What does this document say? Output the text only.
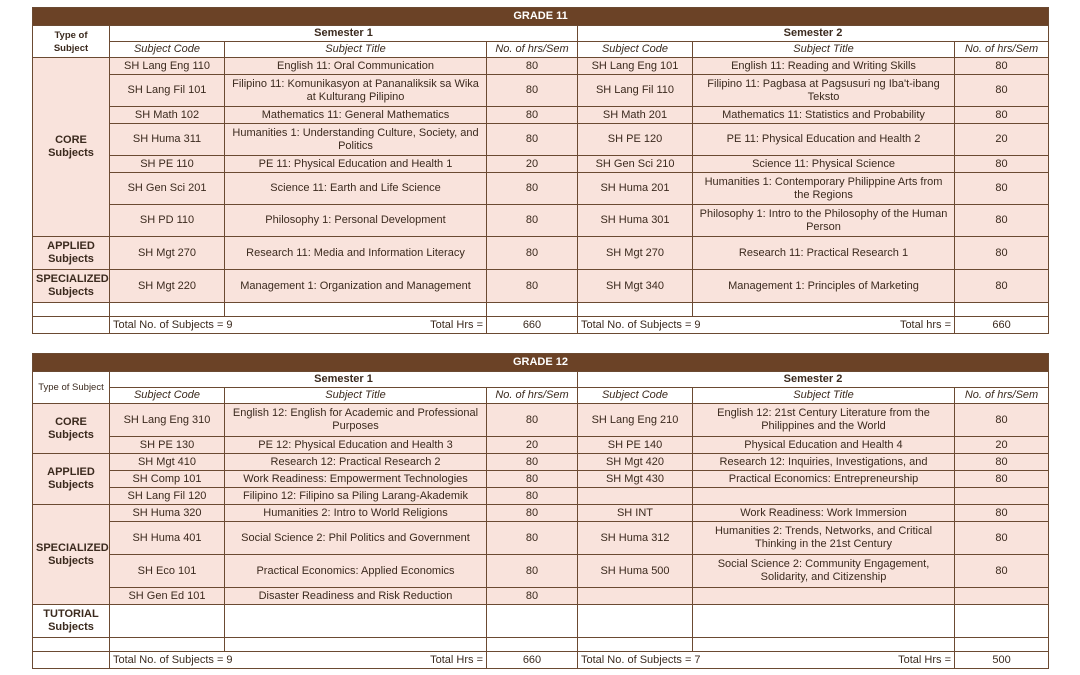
GRADE 11						
Type of Subject	Semester 1			Semester 2		
	Subject Code	Subject Title	No. of hrs/Sem	Subject Code	Subject Title	No. of hrs/Sem

CORE Subjects	SH Lang Eng 110	English 11: Oral Communication	80	SH Lang Eng 101	English 11: Reading and Writing Skills	80
	SH Lang Fil 101	Filipino 11: Komunikasyon at Pananaliksik sa Wika at Kulturang Pilipino	80	SH Lang Fil 110	Filipino 11: Pagbasa at Pagsusuri ng Iba't-ibang Teksto	80
	SH Math 102	Mathematics 11: General Mathematics	80	SH Math 201	Mathematics 11: Statistics and Probability	80
	SH Huma 311	Humanities 1: Understanding Culture, Society, and Politics	80	SH PE 120	PE 11: Physical Education and Health 2	20
	SH PE 110	PE 11: Physical Education and Health 1	20	SH Gen Sci 210	Science 11: Physical Science	80
	SH Gen Sci 201	Science 11: Earth and Life Science	80	SH Huma 201	Humanities 1: Contemporary Philippine Arts from the Regions	80
	SH PD 110	Philosophy 1: Personal Development	80	SH Huma 301	Philosophy 1: Intro to the Philosophy of the Human Person	80

APPLIED
Subjects	SH Mgt 270	Research 11: Media and Information Literacy	80	SH Mgt 270	Research 11: Practical Research 1	80

SPECIALIZED
Subjects	SH Mgt 220	Management 1: Organization and Management	80	SH Mgt 340	Management 1: Principles of Marketing	80

	Total No. of Subjects = 9 Total Hrs =		660	Total No. of Subjects = 9 Total hrs =		660
GRADE 12						
Type of Subject	Semester 1			Semester 2		
	Subject Code	Subject Title	No. of hrs/Sem	Subject Code	Subject Title	No. of hrs/Sem

CORE Subjects	SH Lang Eng 310	English 12: English for Academic and Professional Purposes	80	SH Lang Eng 210	English 12: 21st Century Literature from the Philippines and the World	80
	SH PE 130	PE 12: Physical Education and Health 3	20	SH PE 140	Physical Education and Health 4	20

APPLIED
Subjects	SH Mgt 410	Research 12: Practical Research 2	80	SH Mgt 420	Research 12: Inquiries, Investigations, and	80
	SH Comp 101	Work Readiness: Empowerment Technologies	80	SH Mgt 430	Practical Economics: Entrepreneurship	80
	SH Lang Fil 120	Filipino 12: Filipino sa Piling Larang-Akademik	80			

SPECIALIZED
Subjects	SH Huma 320	Humanities 2: Intro to World Religions	80	SH INT	Work Readiness: Work Immersion	80
	SH Huma 401	Social Science 2: Phil Politics and Government	80	SH Huma 312	Humanities 2: Trends, Networks, and Critical Thinking in the 21st Century	80
	SH Eco 101	Practical Economics: Applied Economics	80	SH Huma 500	Social Science 2: Community Engagement, Solidarity, and Citizenship	80
	SH Gen Ed 101	Disaster Readiness and Risk Reduction	80			

TUTORIAL
Subjects						

	Total No. of Subjects = 9 Total Hrs =		660	Total No. of Subjects = 7 Total Hrs =		500
